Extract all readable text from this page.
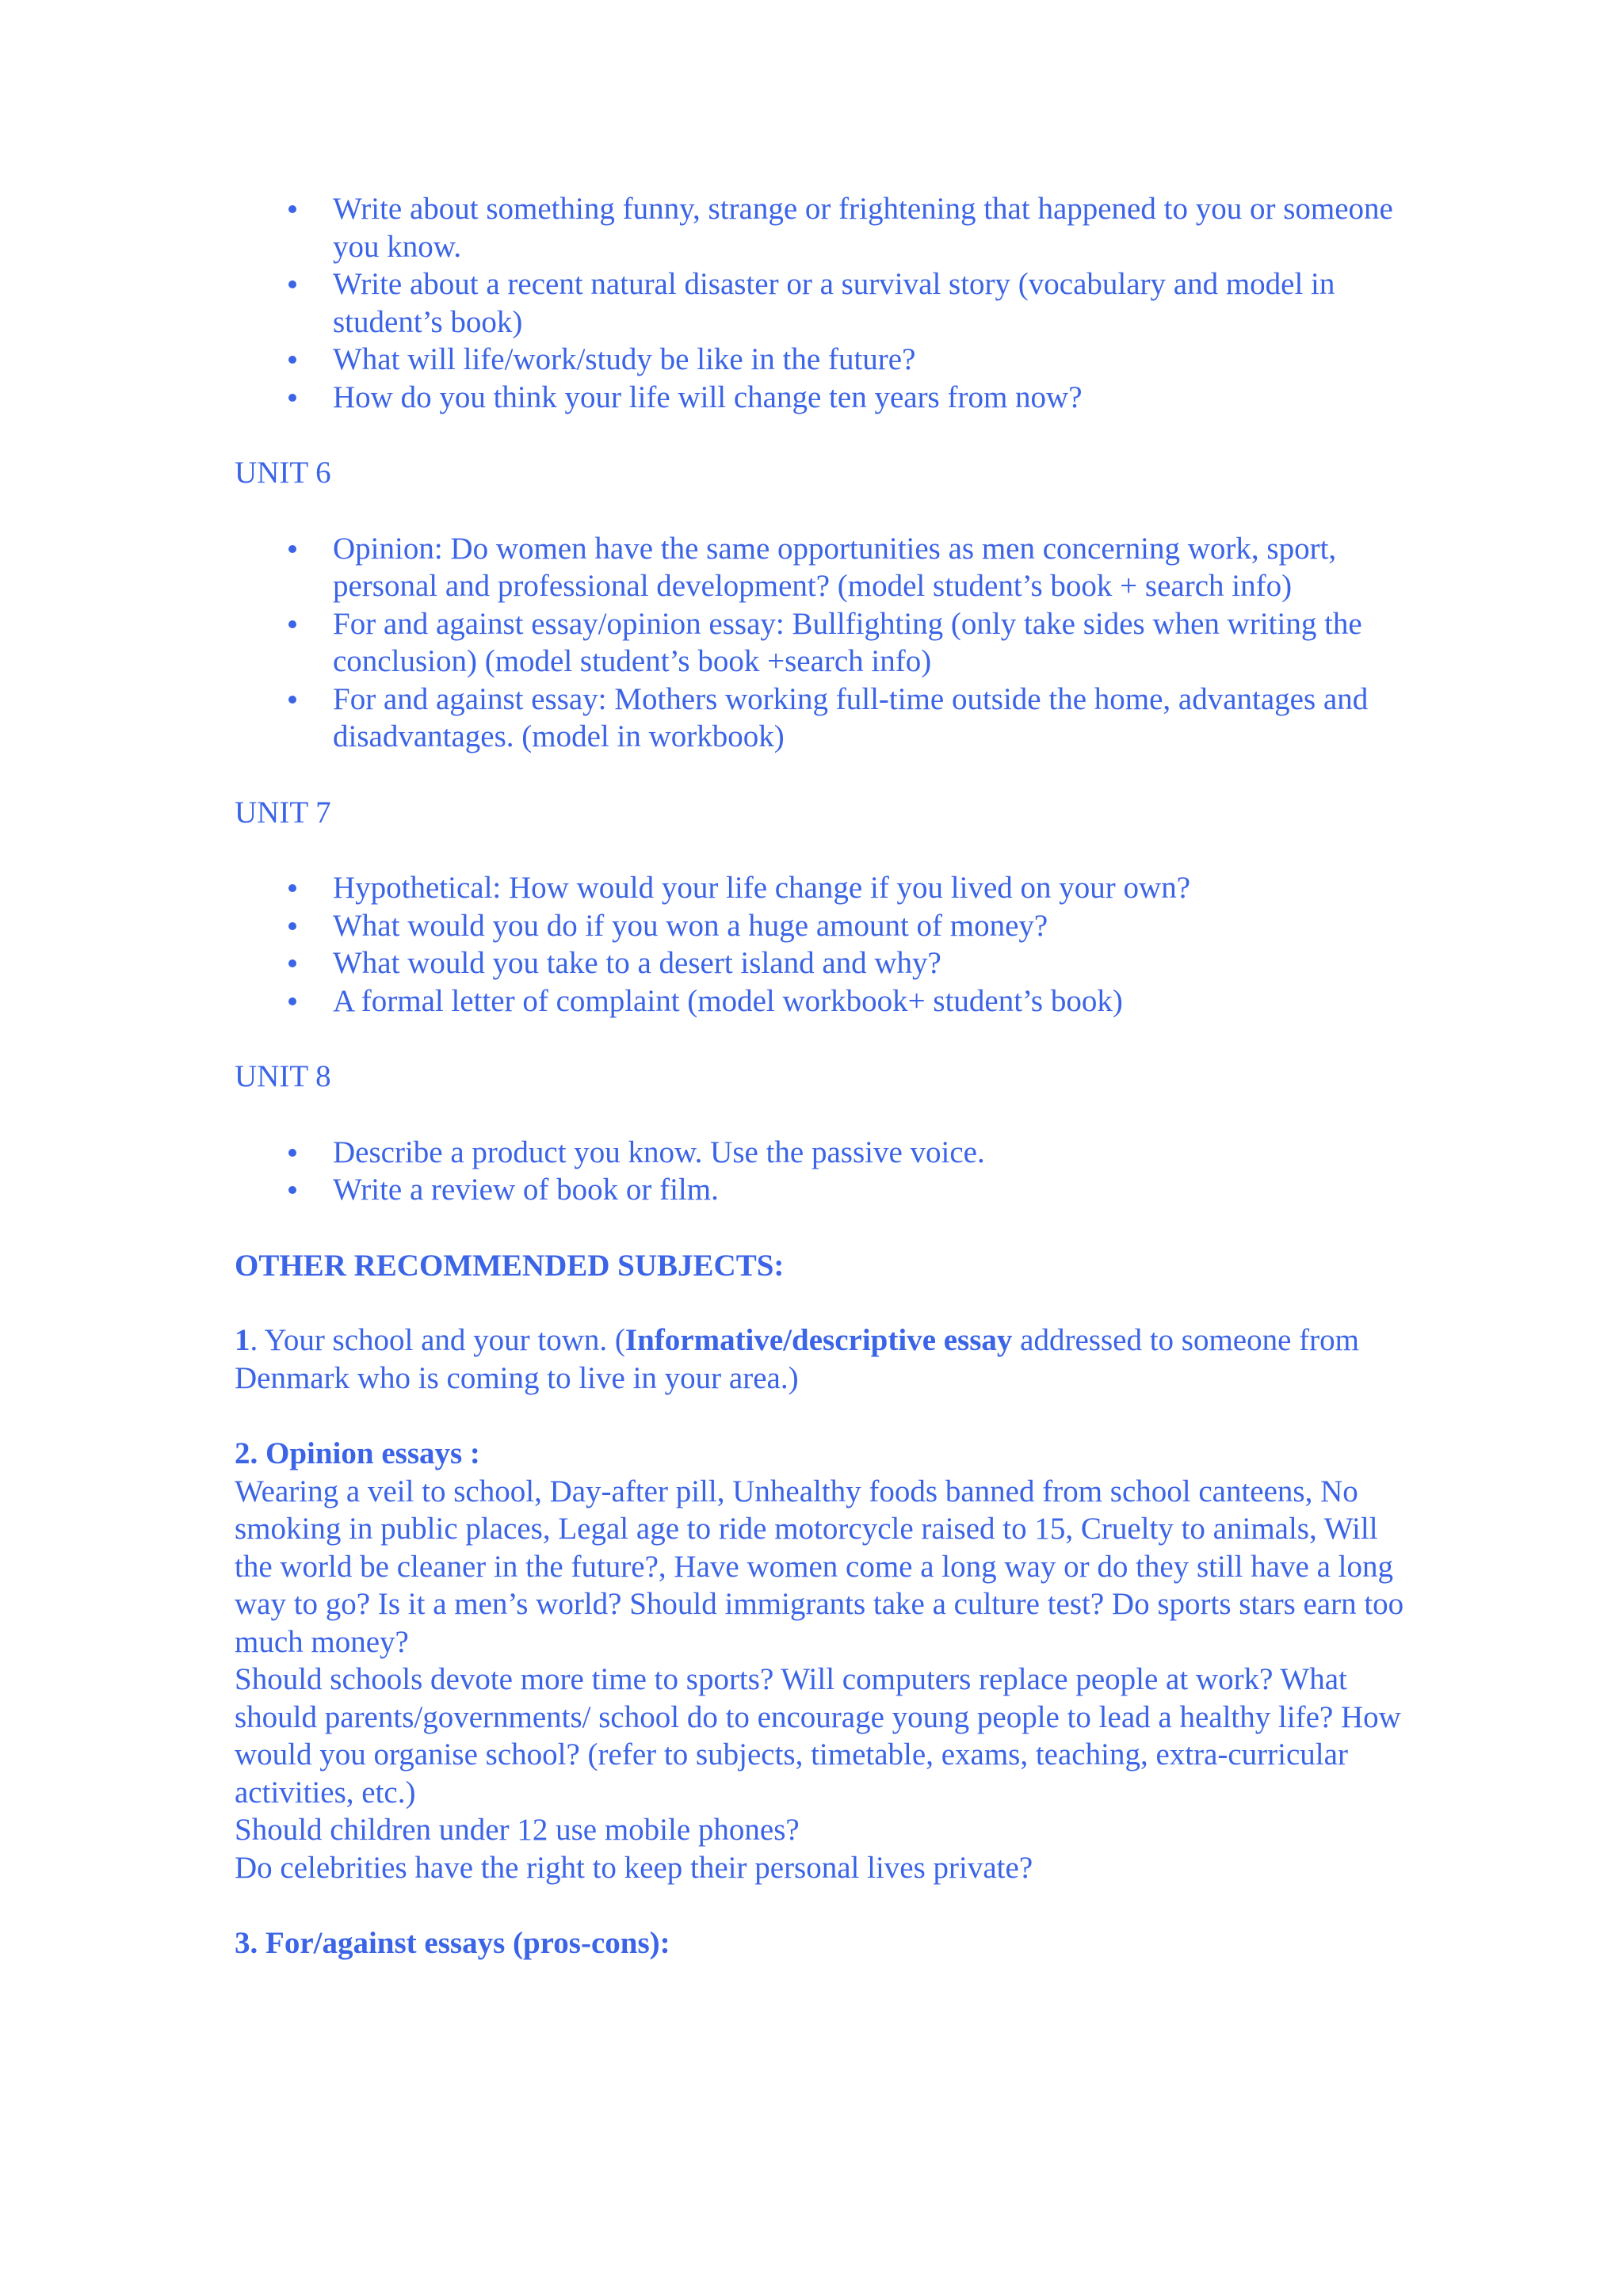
Write about something funny, strange or frightening that happened to you or someone you know.
Write about a recent natural disaster or a survival story (vocabulary and model in student’s book)
What will life/work/study be like in the future?
How do you think your life will change ten years from now?
UNIT 6
Opinion: Do women have the same opportunities as men concerning work, sport, personal and professional development? (model student’s book + search info)
For and against essay/opinion essay: Bullfighting (only take sides when writing the conclusion) (model student’s book +search info)
For and against essay: Mothers working full-time outside the home, advantages and disadvantages. (model in workbook)
UNIT 7
Hypothetical: How would your life change if you lived on your own?
What would you do if you won a huge amount of money?
What would you take to a desert island and why?
A formal letter of complaint (model workbook+ student’s book)
UNIT 8
Describe a product you know. Use the passive voice.
Write a review of book or film.
OTHER RECOMMENDED SUBJECTS:
1. Your school and your town. (Informative/descriptive essay addressed to someone from Denmark who is coming to live in your area.)
2. Opinion essays :
Wearing a veil to school, Day-after pill, Unhealthy foods banned from school canteens, No smoking in public places, Legal age to ride motorcycle raised to 15, Cruelty to animals, Will the world be cleaner in the future?, Have women come a long way or do they still have a long way to go? Is it a men’s world? Should immigrants take a culture test? Do sports stars earn too much money?
Should schools devote more time to sports? Will computers replace people at work? What should parents/governments/ school do to encourage young people to lead a healthy life? How would you organise school? (refer to subjects, timetable, exams, teaching, extra-curricular activities, etc.)
Should children under 12 use mobile phones?
Do celebrities have the right to keep their personal lives private?
3. For/against essays (pros-cons):
